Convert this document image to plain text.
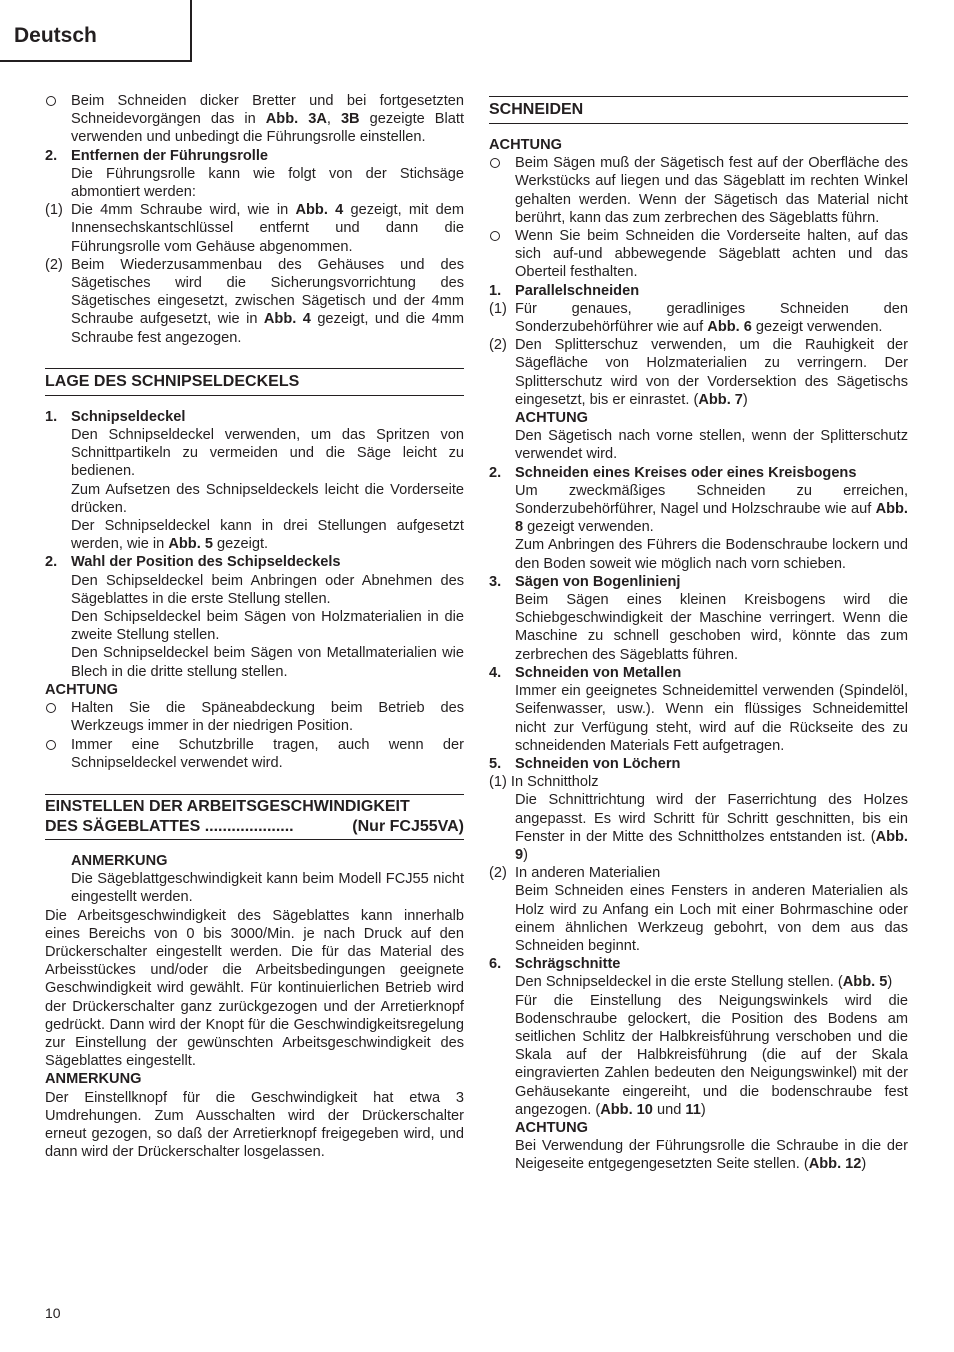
Deutsch
Beim Schneiden dicker Bretter und bei fortgesetzten Schneidevorgängen das in Abb. 3A, 3B gezeigte Blatt verwenden und unbedingt die Führungsrolle einstellen.
2. Entfernen der Führungsrolle

Die Führungsrolle kann wie folgt von der Stichsäge abmontiert werden:

(1) Die 4mm Schraube wird, wie in Abb. 4 gezeigt, mit dem Innensechskantschlüssel entfernt und dann die Führungsrolle vom Gehäuse abgenommen.
(2) Beim Wiederzusammenbau des Gehäuses und des Sägetisches wird die Sicherungsvorrichtung des Sägetisches eingesetzt, zwischen Sägetisch und der 4mm Schraube aufgesetzt, wie in Abb. 4 gezeigt, und die 4mm Schraube fest angezogen.
LAGE DES SCHNIPSELDECKELS
1. Schnipseldeckel

Den Schnipseldeckel verwenden, um das Spritzen von Schnittpartikeln zu vermeiden und die Säge leicht zu bedienen.

Zum Aufsetzen des Schnipseldeckels leicht die Vorderseite drücken.

Der Schnipseldeckel kann in drei Stellungen aufgesetzt werden, wie in Abb. 5 gezeigt.

2. Wahl der Position des Schipseldeckels

Den Schipseldeckel beim Anbringen oder Abnehmen des Sägeblattes in die erste Stellung stellen.

Den Schipseldeckel beim Sägen von Holzmaterialien in die zweite Stellung stellen.

Den Schnipseldeckel beim Sägen von Metallmaterialien wie Blech in die dritte stellung stellen.

ACHTUNG
Halten Sie die Späneabdeckung beim Betrieb des Werkzeugs immer in der niedrigen Position.
Immer eine Schutzbrille tragen, auch wenn der Schnipseldeckel verwendet wird.
EINSTELLEN DER ARBEITSGESCHWINDIGKEIT
DES SÄGEBLATTES ....................	(Nur FCJ55VA)
ANMERKUNG

Die Sägeblattgeschwindigkeit kann beim Modell FCJ55 nicht eingestellt werden.

Die Arbeitsgeschwindigkeit des Sägeblattes kann innerhalb eines Bereichs von 0 bis 3000/Min. je nach Druck auf den Drückerschalter eingestellt werden. Die für das Material des Arbeisstückes und/oder die Arbeitsbedingungen geeignete Geschwindigkeit wird gewählt. Für kontinuierlichen Betrieb wird der Drückerschalter ganz zurückgezogen und der Arretierknopf gedrückt. Dann wird der Knopt für die Geschwindigkeitsregelung zur Einstellung der gewünschten Arbeitsgeschwindigkeit des Sägeblattes eingestellt.

ANMERKUNG

Der Einstellknopf für die Geschwindigkeit hat etwa 3 Umdrehungen. Zum Ausschalten wird der Drückerschalter erneut gezogen, so daß der Arretierknopf freigegeben wird, und dann wird der Drückerschalter losgelassen.

SCHNEIDEN
ACHTUNG
Beim Sägen muß der Sägetisch fest auf der Oberfläche des Werkstücks auf liegen und das Sägeblatt im rechten Winkel gehalten werden. Wenn der Sägetisch das Material nicht berührt, kann das zum zerbrechen des Sägeblatts führn.
Wenn Sie beim Schneiden die Vorderseite halten, auf das sich auf-und abbewegende Sägeblatt achten und das Oberteil festhalten.
1. Parallelschneiden
(1) Für genaues, geradliniges Schneiden den Sonderzubehörführer wie auf Abb. 6 gezeigt verwenden.
(2) Den Splitterschuz verwenden, um die Rauhigkeit der Sägefläche von Holzmaterialien zu verringern. Der Splitterschutz wird von der Vordersektion des Sägetischs eingesetzt, bis er einrastet. (Abb. 7)
ACHTUNG

Den Sägetisch nach vorne stellen, wenn der Splitterschutz verwendet wird.

2. Schneiden eines Kreises oder eines Kreisbogens

Um zweckmäßiges Schneiden zu erreichen, Sonderzubehörführer, Nagel und Holzschraube wie auf Abb. 8 gezeigt verwenden.

Zum Anbringen des Führers die Bodenschraube lockern und den Boden soweit wie möglich nach vorn schieben.

3. Sägen von Bogenlinienj

Beim Sägen eines kleinen Kreisbogens wird die Schiebgeschwindigkeit der Maschine verringert. Wenn die Maschine zu schnell geschoben wird, könnte das zum zerbrechen des Sägeblatts führen.

4. Schneiden von Metallen

Immer ein geeignetes Schneidemittel verwenden (Spindelöl, Seifenwasser, usw.). Wenn ein flüssiges Schneidemittel nicht zur Verfügung steht, wird auf die Rückseite des zu schneidenden Materials Fett aufgetragen.

5. Schneiden von Löchern
(1) In Schnittholz

Die Schnittrichtung wird der Faserrichtung des Holzes angepasst. Es wird Schritt für Schritt geschnitten, bis ein Fenster in der Mitte des Schnittholzes entstanden ist. (Abb. 9)

(2) In anderen Materialien

Beim Schneiden eines Fensters in anderen Materialien als Holz wird zu Anfang ein Loch mit einer Bohrmaschine oder einem ähnlichen Werkzeug gebohrt, von dem aus das Schneiden beginnt.

6. Schrägschnitte

Den Schnipseldeckel in die erste Stellung stellen. (Abb. 5)

Für die Einstellung des Neigungswinkels wird die Bodenschraube gelockert, die Position des Bodens am seitlichen Schlitz der Halbkreisführung verschoben und die Skala auf der Halbkreisführung (die auf der Skala eingravierten Zahlen bedeuten den Neigungswinkel) mit der Gehäusekante eingereiht, und die bodenschraube fest angezogen. (Abb. 10 und 11)

ACHTUNG

Bei Verwendung der Führungsrolle die Schraube in die der Neigeseite entgegengesetzten Seite stellen. (Abb. 12)

10
